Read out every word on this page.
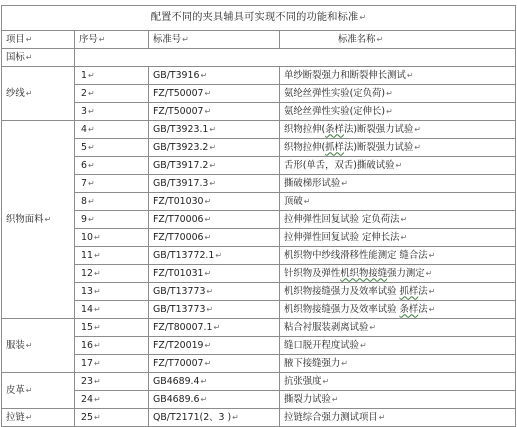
配置不同的夹具辅具可实现不同的功能和标准↵			
项目↵	序号↵	标准号↵	标准名称↵
国标↵			
纱线↵	1↵	GB/T3916↵	单纱断裂强力和断裂伸长测试↵
	2↵	FZ/T50007↵	氨纶丝弹性实验(定负荷)↵
	3↵	FZ/T50007↵	氨纶丝弹性实验(定伸长)↵
织物面料↵	4↵	GB/T3923.1↵	织物拉伸(条样法)断裂强力试验↵
	5↵	GB/T3923.2↵	织物拉伸(抓样法)断裂强力试验↵
	6↵	GB/T3917.2↵	舌形(单舌，双舌)撕破试验↵
	7↵	GB/T3917.3↵	撕破梯形试验↵
	8↵	FZ/T01030↵	顶破↵
	9↵	FZ/T70006↵	拉伸弹性回复试验 定负荷法↵
	10↵	FZ/T70006↵	拉伸弹性回复试验 定伸长法↵
	11↵	GB/T13772.1↵	机织物中纱线滑移性能测定 缝合法↵
	12↵	FZ/T01031↵	针织物及弹性机织物接缝强力测定↵
	13↵	GB/T13773↵	机织物接缝强力及效率试验 抓样法↵
	14↵	GB/T13773↵	机织物接缝强力及效率试验 条样法↵
服装↵	15↵	FZ/T80007.1↵	粘合衬服装剥离试验↵
	16↵	FZ/T20019↵	缝口脱开程度试验↵
	17↵	FZ/T70007↵	腋下接缝强力↵
皮革↵	23↵	GB4689.4↵	抗张强度↵
	24↵	GB4689.6↵	撕裂力试验↵
拉链↵	25↵	QB/T2171(2、3 )↵	拉链综合强力测试项目↵
